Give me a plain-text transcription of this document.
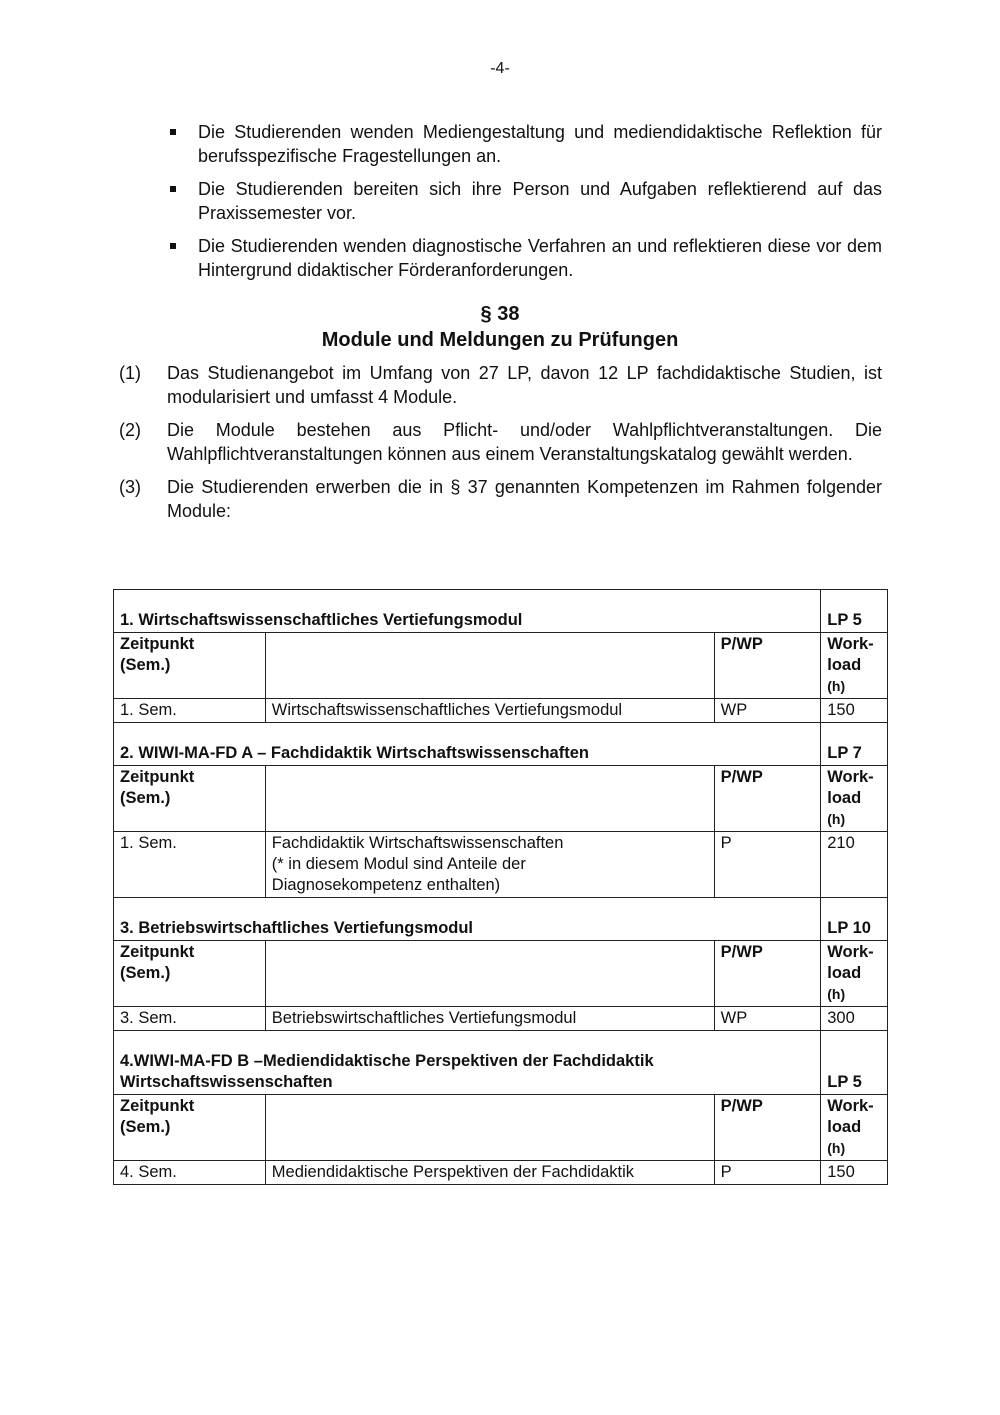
-4-
Die Studierenden wenden Mediengestaltung und mediendidaktische Reflektion für berufsspezifische Fragestellungen an.
Die Studierenden bereiten sich ihre Person und Aufgaben reflektierend auf das Praxissemester vor.
Die Studierenden wenden diagnostische Verfahren an und reflektieren diese vor dem Hintergrund didaktischer Förderanforderungen.
§ 38
Module und Meldungen zu Prüfungen
(1)	Das Studienangebot im Umfang von 27 LP, davon 12 LP fachdidaktische Studien, ist modularisiert und umfasst 4 Module.
(2)	Die Module bestehen aus Pflicht- und/oder Wahlpflichtveranstaltungen. Die Wahlpflichtveranstaltungen können aus einem Veranstaltungskatalog gewählt werden.
(3)	Die Studierenden erwerben die in § 37 genannten Kompetenzen im Rahmen folgender Module:
1. Wirtschaftswissenschaftliches Vertiefungsmodul			LP 5
Zeitpunkt
(Sem.)		P/WP	Work-
load (h)
1. Sem.	Wirtschaftswissenschaftliches Vertiefungsmodul	WP	150
2. WIWI-MA-FD A – Fachdidaktik Wirtschaftswissenschaften			LP 7
Zeitpunkt
(Sem.)		P/WP	Work-
load (h)
1. Sem.	Fachdidaktik Wirtschaftswissenschaften
(* in diesem Modul sind Anteile der
Diagnosekompetenz enthalten)	P	210
3. Betriebswirtschaftliches Vertiefungsmodul			LP 10
Zeitpunkt
(Sem.)		P/WP	Work-
load (h)
3. Sem.	Betriebswirtschaftliches Vertiefungsmodul	WP	300
4.WIWI-MA-FD B –Mediendidaktische Perspektiven der Fachdidaktik
Wirtschaftswissenschaften			LP 5
Zeitpunkt
(Sem.)		P/WP	Work-
load (h)
4. Sem.	Mediendidaktische Perspektiven der Fachdidaktik	P	150
